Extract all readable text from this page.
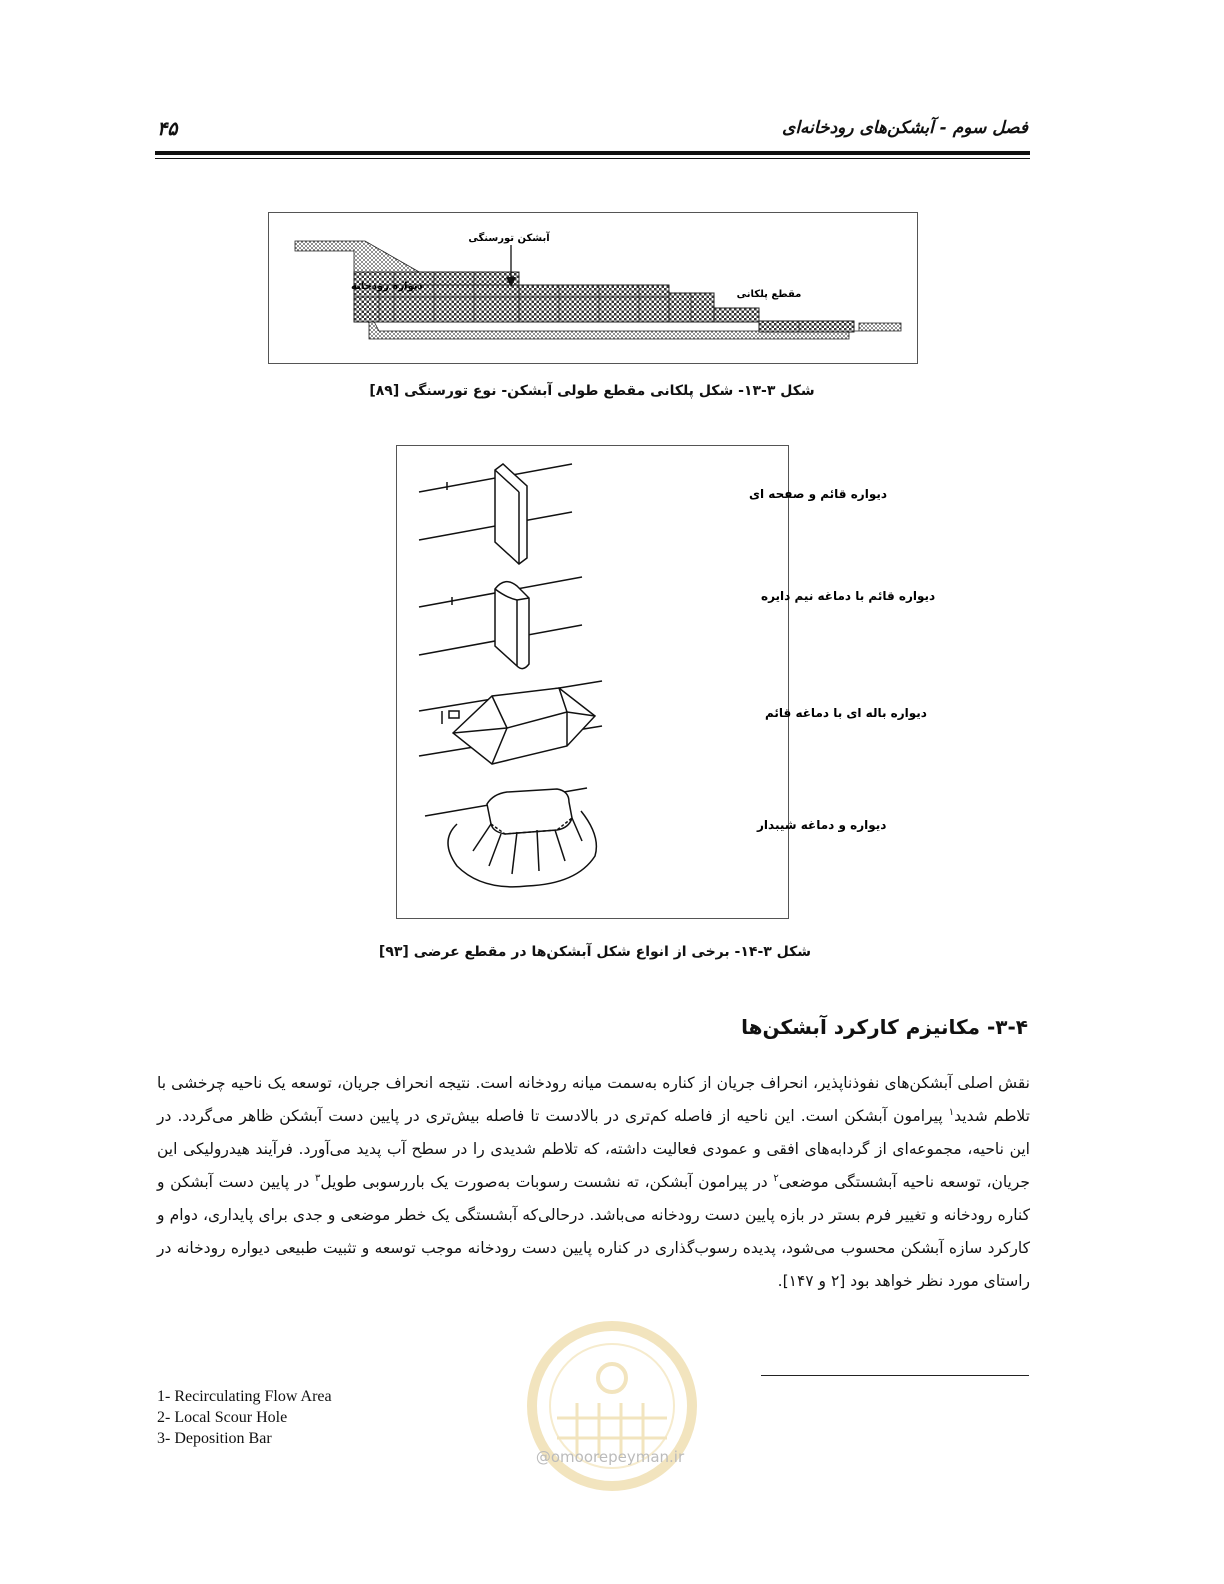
فصل سوم - آبشکن‌های رودخانه‌ای
۴۵
آبشکن تورسنگی
دیواره رودخانه
مقطع پلکانی
شکل ۳-۱۳- شکل پلکانی مقطع طولی آبشکن- نوع تورسنگی [۸۹]
دیواره قائم و صفحه ای
دیواره قائم با دماغه نیم دایره
دیواره باله ای با دماغه قائم
دیواره و دماغه شیبدار
شکل ۳-۱۴- برخی از انواع شکل آبشکن‌ها در مقطع عرضی [۹۳]
۳-۴- مکانیزم کارکرد آبشکن‌ها
نقش اصلی آبشکن‌های نفوذناپذیر، انحراف جریان از کناره به‌سمت میانه رودخانه است. نتیجه انحراف جریان، توسعه یک ناحیه چرخشی با تلاطم شدید$^۱$ پیرامون آبشکن است. این ناحیه از فاصله کم‌تری در بالادست تا فاصله بیش‌تری در پایین دست آبشکن ظاهر می‌گردد. در این ناحیه، مجموعه‌ای از گردابه‌های افقی و عمودی فعالیت داشته، که تلاطم شدیدی را در سطح آب پدید می‌آورد. فرآیند هیدرولیکی این جریان، توسعه ناحیه آبشستگی موضعی$^۲$ در پیرامون آبشکن، ته نشست رسوبات به‌صورت یک باررسوبی طویل$^۳$ در پایین دست آبشکن و کناره رودخانه و تغییر فرم بستر در بازه پایین دست رودخانه می‌باشد. درحالی‌که آبشستگی یک خطر موضعی و جدی برای پایداری، دوام و کارکرد سازه آبشکن محسوب می‌شود، پدیده رسوب‌گذاری در کناره پایین دست رودخانه موجب توسعه و تثبیت طبیعی دیواره رودخانه در راستای مورد نظر خواهد بود [۲ و ۱۴۷].
@omoorepeyman.ir
1- Recirculating Flow Area
2- Local Scour Hole
3- Deposition Bar
